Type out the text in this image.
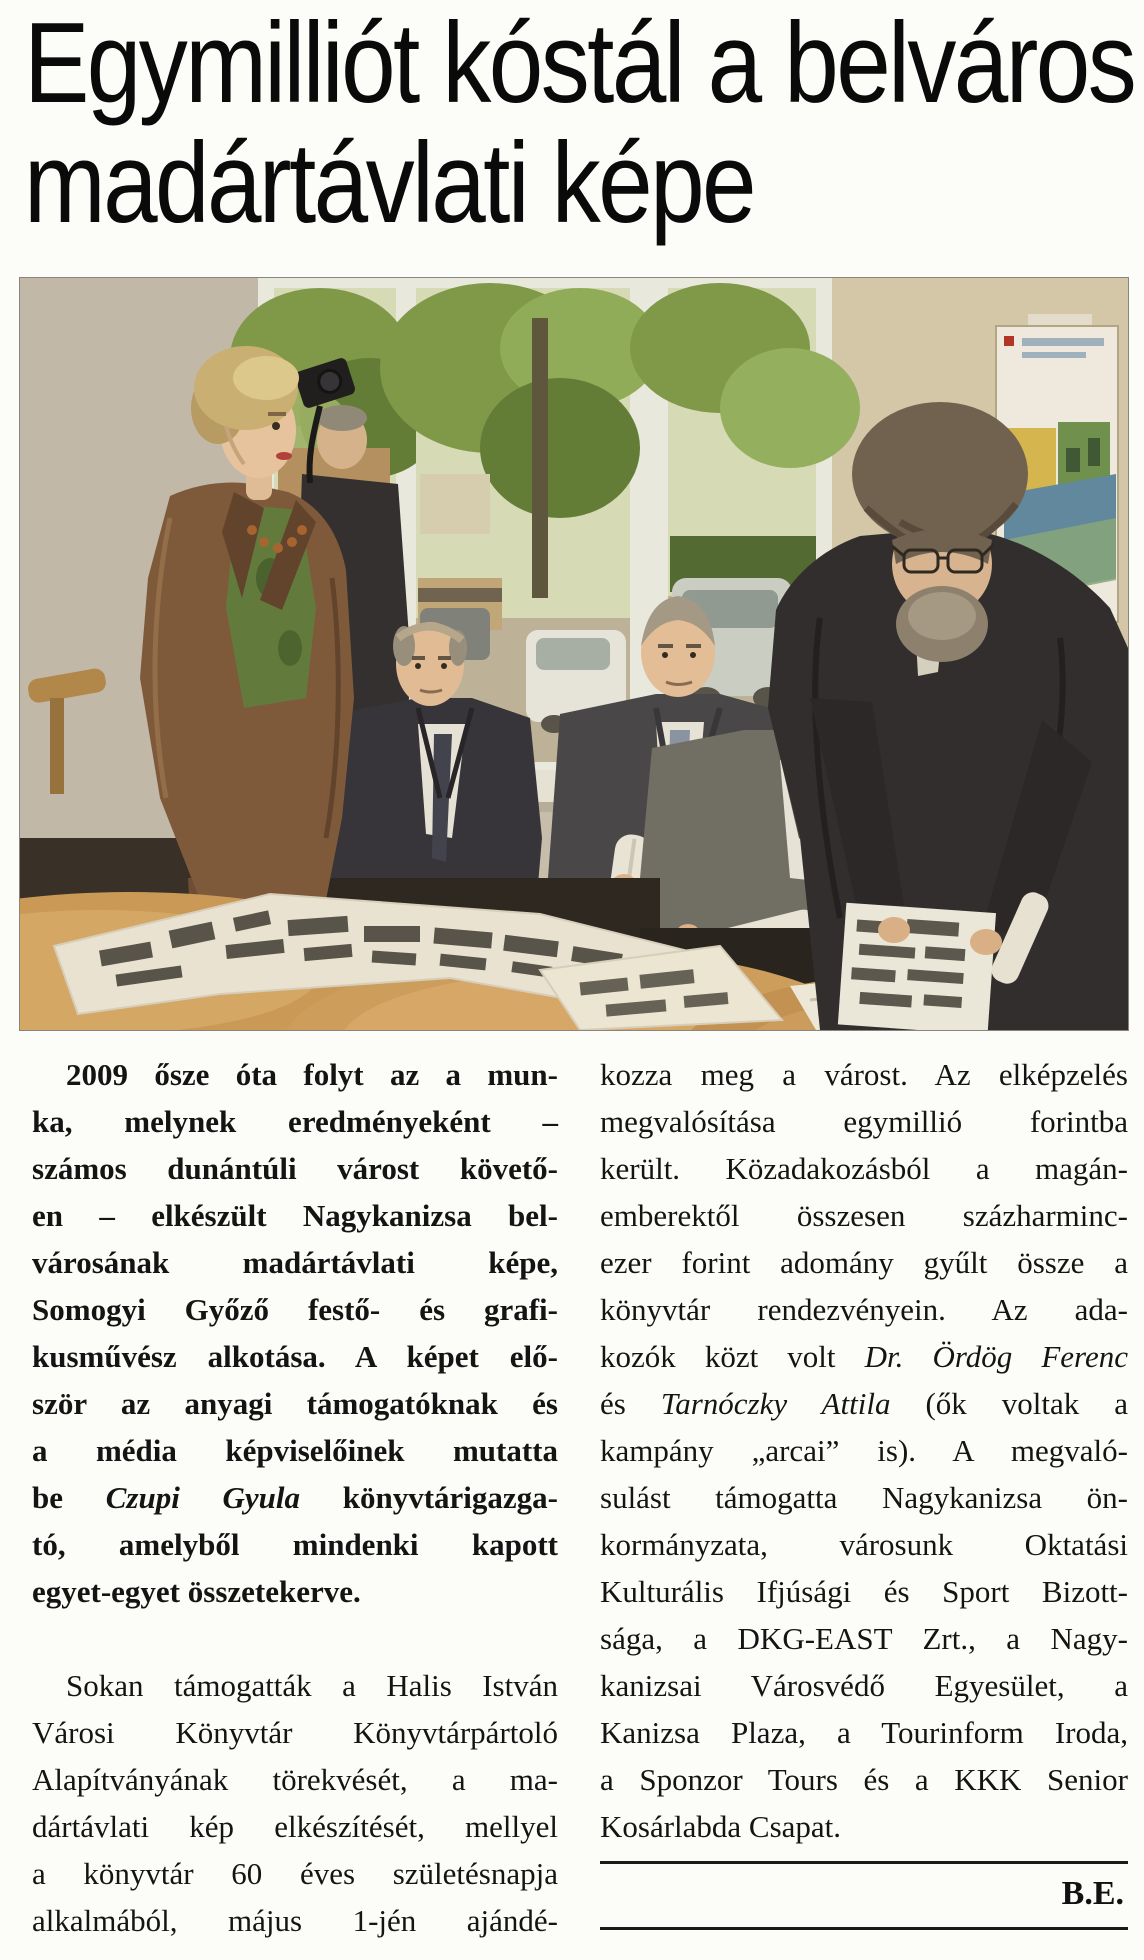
Egymilliót kóstál a belváros
madártávlati képe
2009 ősze óta folyt az a mun-
ka, melynek eredményeként –
számos dunántúli várost követő-
en – elkészült Nagykanizsa bel-
városának madártávlati képe,
Somogyi Győző festő- és grafi-
kusművész alkotása. A képet elő-
ször az anyagi támogatóknak és
a média képviselőinek mutatta
be Czupi Gyula könyvtárigazga-
tó, amelyből mindenki kapott
egyet-egyet összetekerve.
Sokan támogatták a Halis István
Városi Könyvtár Könyvtárpártoló
Alapítványának törekvését, a ma-
dártávlati kép elkészítését, mellyel
a könyvtár 60 éves születésnapja
alkalmából, május 1-jén ajándé-
kozza meg a várost. Az elképzelés
megvalósítása egymillió forintba
került. Közadakozásból a magán-
emberektől összesen százharminc-
ezer forint adomány gyűlt össze a
könyvtár rendezvényein. Az ada-
kozók közt volt Dr. Ördög Ferenc
és Tarnóczky Attila (ők voltak a
kampány „arcai” is). A megvaló-
sulást támogatta Nagykanizsa ön-
kormányzata, városunk Oktatási
Kulturális Ifjúsági és Sport Bizott-
sága, a DKG-EAST Zrt., a Nagy-
kanizsai Városvédő Egyesület, a
Kanizsa Plaza, a Tourinform Iroda,
a Sponzor Tours és a KKK Senior
Kosárlabda Csapat.
B.E.
